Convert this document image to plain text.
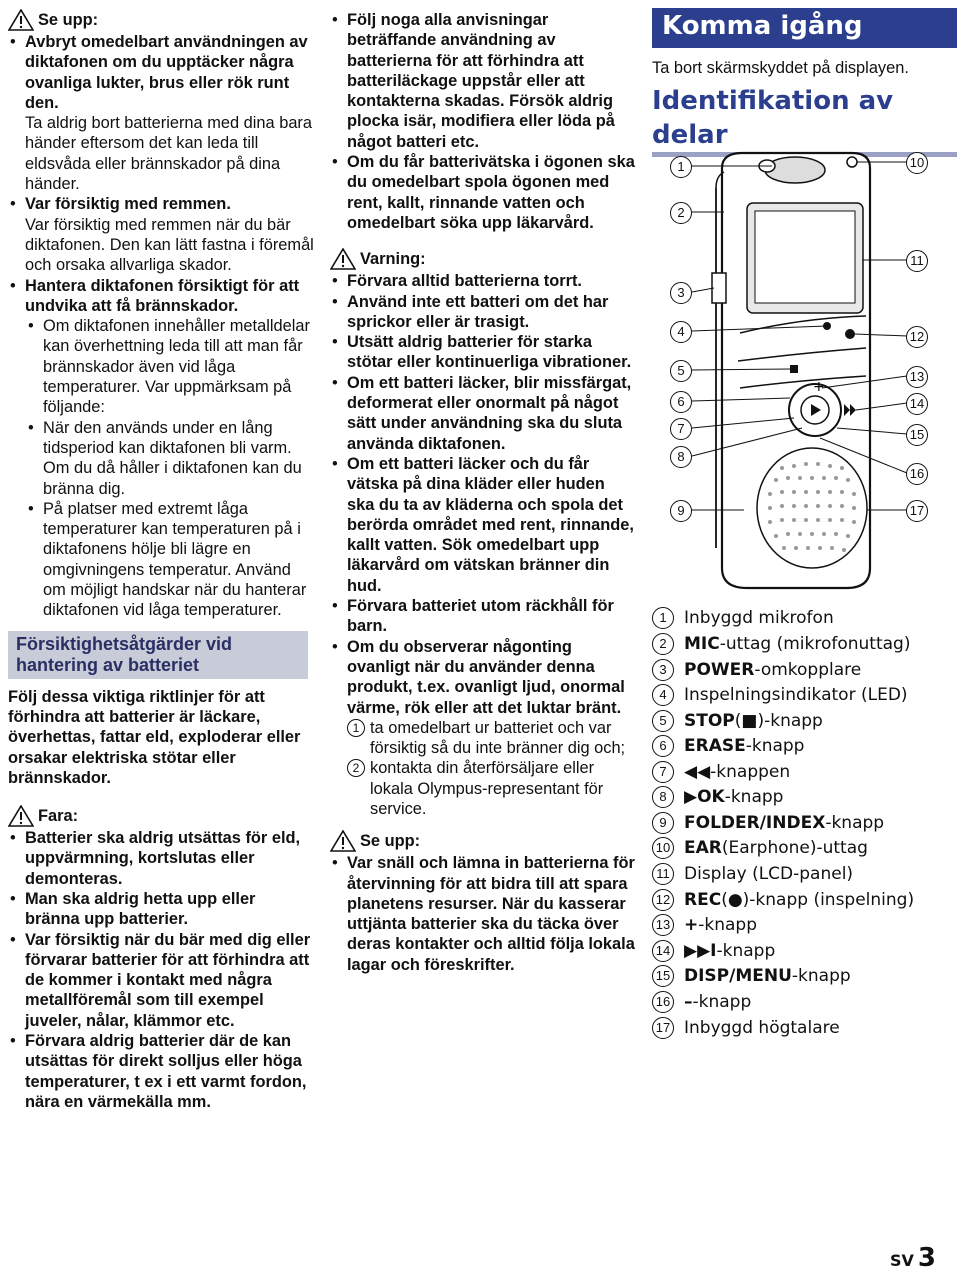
Se upp:
• Avbryt omedelbart användningen av diktafonen om du upptäcker några ovanliga lukter, brus eller rök runt den.
Ta aldrig bort batterierna med dina bara händer eftersom det kan leda till eldsvåda eller brännskador på dina händer.
• Var försiktig med remmen.
Var försiktig med remmen när du bär diktafonen. Den kan lätt fastna i föremål och orsaka allvarliga skador.
• Hantera diktafonen försiktigt för att undvika att få brännskador.
• Om diktafonen innehåller metalldelar kan överhettning leda till att man får brännskador även vid låga temperaturer. Var uppmärksam på följande:
• När den används under en lång tidsperiod kan diktafonen bli varm. Om du då håller i diktafonen kan du bränna dig.
• På platser med extremt låga temperaturer kan temperaturen på i diktafonens hölje bli lägre en omgivningens temperatur. Använd om möjligt handskar när du hanterar diktafonen vid låga temperaturer.
Försiktighetsåtgärder vid hantering av batteriet
Följ dessa viktiga riktlinjer för att förhindra att batterier är läckare, överhettas, fattar eld, exploderar eller orsakar elektriska stötar eller brännskador.
Fara:
• Batterier ska aldrig utsättas för eld, uppvärmning, kortslutas eller demonteras.
• Man ska aldrig hetta upp eller bränna upp batterier.
• Var försiktig när du bär med dig eller förvarar batterier för att förhindra att de kommer i kontakt med några metallföremål som till exempel juveler, nålar, klämmor etc.
• Förvara aldrig batterier där de kan utsättas för direkt solljus eller höga temperaturer, t ex i ett varmt fordon, nära en värmekälla mm.
• Följ noga alla anvisningar beträffande användning av batterierna för att förhindra att batteriläckage uppstår eller att kontakterna skadas. Försök aldrig plocka isär, modifiera eller löda på något batteri etc.
• Om du får batterivätska i ögonen ska du omedelbart spola ögonen med rent, kallt, rinnande vatten och omedelbart söka upp läkarvård.
Varning:
• Förvara alltid batterierna torrt.
• Använd inte ett batteri om det har sprickor eller är trasigt.
• Utsätt aldrig batterier för starka stötar eller kontinuerliga vibrationer.
• Om ett batteri läcker, blir missfärgat, deformerat eller onormalt på något sätt under användning ska du sluta använda diktafonen.
• Om ett batteri läcker och du får vätska på dina kläder eller huden ska du ta av kläderna och spola det berörda området med rent, rinnande, kallt vatten. Sök omedelbart upp läkarvård om vätskan bränner din hud.
• Förvara batteriet utom räckhåll för barn.
• Om du observerar någonting ovanligt när du använder denna produkt, t.ex. ovanligt ljud, onormal värme, rök eller att det luktar bränt.
1 ta omedelbart ur batteriet och var försiktig så du inte bränner dig och;
2 kontakta din återförsäljare eller lokala Olympus-representant för service.
Se upp:
• Var snäll och lämna in batterierna för återvinning för att bidra till att spara planetens resurser. När du kasserar uttjänta batterier ska du täcka över deras kontakter och alltid följa lokala lagar och föreskrifter.
Komma igång
Ta bort skärmskyddet på displayen.
Identifikation av delar
+
1
2
3
4
5
6
7
8
9
10
11
12
13
14
15
16
17
1	Inbyggd mikrofon
2	MIC -uttag (mikrofonuttag)
3	POWER -omkopplare
4	Inspelningsindikator (LED)
5	STOP (■)-knapp
6	ERASE -knapp
7	◀◀ -knappen
8	▶OK -knapp
9	FOLDER/INDEX -knapp
10 EAR (Earphone)-uttag
11 Display (LCD-panel)
12 REC (●)-knapp (inspelning)
13 + -knapp
14 ▶▶I -knapp
15 DISP/MENU -knapp
16 – -knapp
17 Inbyggd högtalare
SV 3
